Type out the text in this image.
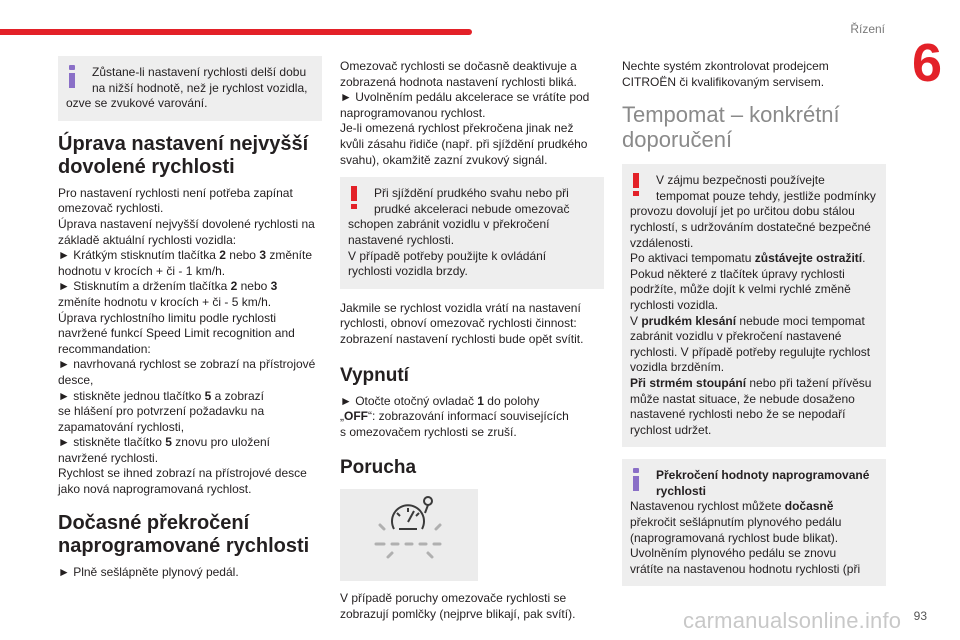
Řízení
6

Zůstane-li nastavení rychlosti delší dobu

na nižší hodnotě, než je rychlost vozidla,

ozve se zvukové varování.

Úprava nastavení nejvyšší
dovolené rychlosti

Pro nastavení rychlosti není potřeba zapínat

omezovač rychlosti.

Úprava nastavení nejvyšší dovolené rychlosti na

základě aktuální rychlosti vozidla:

► Krátkým stisknutím tlačítka 2 nebo 3 změníte

hodnotu v krocích + či - 1 km/h.

► Stisknutím a držením tlačítka 2 nebo 3

změníte hodnotu v krocích + či - 5 km/h.

Úprava rychlostního limitu podle rychlosti

navržené funkcí Speed Limit recognition and

recommandation:

► navrhovaná rychlost se zobrazí na přístrojové

desce,

► stiskněte jednou tlačítko 5 a zobrazí

se hlášení pro potvrzení požadavku na

zapamatování rychlosti,

► stiskněte tlačítko 5 znovu pro uložení

navržené rychlosti.

Rychlost se ihned zobrazí na přístrojové desce

jako nová naprogramovaná rychlost.

Dočasné překročení
naprogramované rychlosti

► Plně sešlápněte plynový pedál.

Omezovač rychlosti se dočasně deaktivuje a

zobrazená hodnota nastavení rychlosti bliká.

► Uvolněním pedálu akcelerace se vrátíte pod

naprogramovanou rychlost.

Je-li omezená rychlost překročena jinak než

kvůli zásahu řidiče (např. při sjíždění prudkého

svahu), okamžitě zazní zvukový signál.

Při sjíždění prudkého svahu nebo při

prudké akceleraci nebude omezovač

schopen zabránit vozidlu v překročení

nastavené rychlosti.

V případě potřeby použijte k ovládání

rychlosti vozidla brzdy.

Jakmile se rychlost vozidla vrátí na nastavení

rychlosti, obnoví omezovač rychlosti činnost:

zobrazení nastavení rychlosti bude opět svítit.

Vypnutí

► Otočte otočný ovladač 1 do polohy

„OFF“: zobrazování informací souvisejících

s omezovačem rychlosti se zruší.

Porucha

V případě poruchy omezovače rychlosti se

zobrazují pomlčky (nejprve blikají, pak svítí).

Nechte systém zkontrolovat prodejcem

CITROËN či kvalifikovaným servisem.

Tempomat – konkrétní
doporučení

V zájmu bezpečnosti používejte

tempomat pouze tehdy, jestliže podmínky

provozu dovolují jet po určitou dobu stálou

rychlostí, s udržováním dostatečné bezpečné

vzdálenosti.

Po aktivaci tempomatu zůstávejte ostražití.

Pokud některé z tlačítek úpravy rychlosti

podržíte, může dojít k velmi rychlé změně

rychlosti vozidla.

V prudkém klesání nebude moci tempomat

zabránit vozidlu v překročení nastavené

rychlosti. V případě potřeby regulujte rychlost

vozidla brzděním.

Při strmém stoupání nebo při tažení přívěsu

může nastat situace, že nebude dosaženo

nastavené rychlosti nebo že se nepodaří

rychlost udržet.

Překročení hodnoty naprogramované

rychlosti

Nastavenou rychlost můžete dočasně

překročit sešlápnutím plynového pedálu

(naprogramovaná rychlost bude blikat).

Uvolněním plynového pedálu se znovu

vrátíte na nastavenou hodnotu rychlosti (při

carmanualsonline.info 93
